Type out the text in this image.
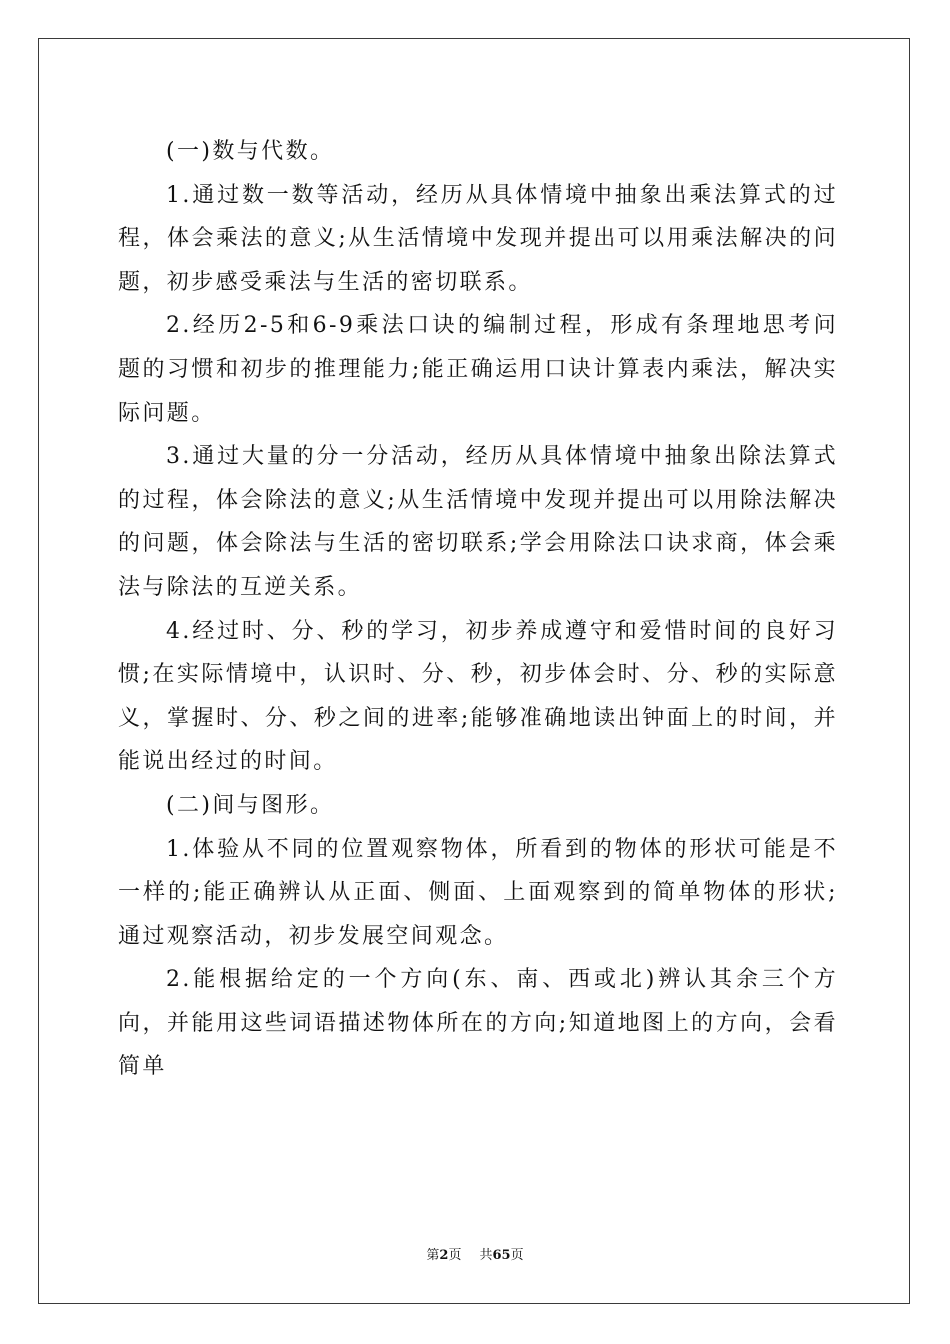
(一)数与代数。

1.通过数一数等活动，经历从具体情境中抽象出乘法算式的过程，体会乘法的意义;从生活情境中发现并提出可以用乘法解决的问题，初步感受乘法与生活的密切联系。

2.经历2-5和6-9乘法口诀的编制过程，形成有条理地思考问题的习惯和初步的推理能力;能正确运用口诀计算表内乘法，解决实际问题。

3.通过大量的分一分活动，经历从具体情境中抽象出除法算式的过程，体会除法的意义;从生活情境中发现并提出可以用除法解决的问题，体会除法与生活的密切联系;学会用除法口诀求商，体会乘法与除法的互逆关系。

4.经过时、分、秒的学习，初步养成遵守和爱惜时间的良好习惯;在实际情境中，认识时、分、秒，初步体会时、分、秒的实际意义，掌握时、分、秒之间的进率;能够准确地读出钟面上的时间，并能说出经过的时间。

(二)间与图形。

1.体验从不同的位置观察物体，所看到的物体的形状可能是不一样的;能正确辨认从正面、侧面、上面观察到的简单物体的形状;通过观察活动，初步发展空间观念。

2.能根据给定的一个方向(东、南、西或北)辨认其余三个方向，并能用这些词语描述物体所在的方向;知道地图上的方向，会看简单

第2页 共65页
